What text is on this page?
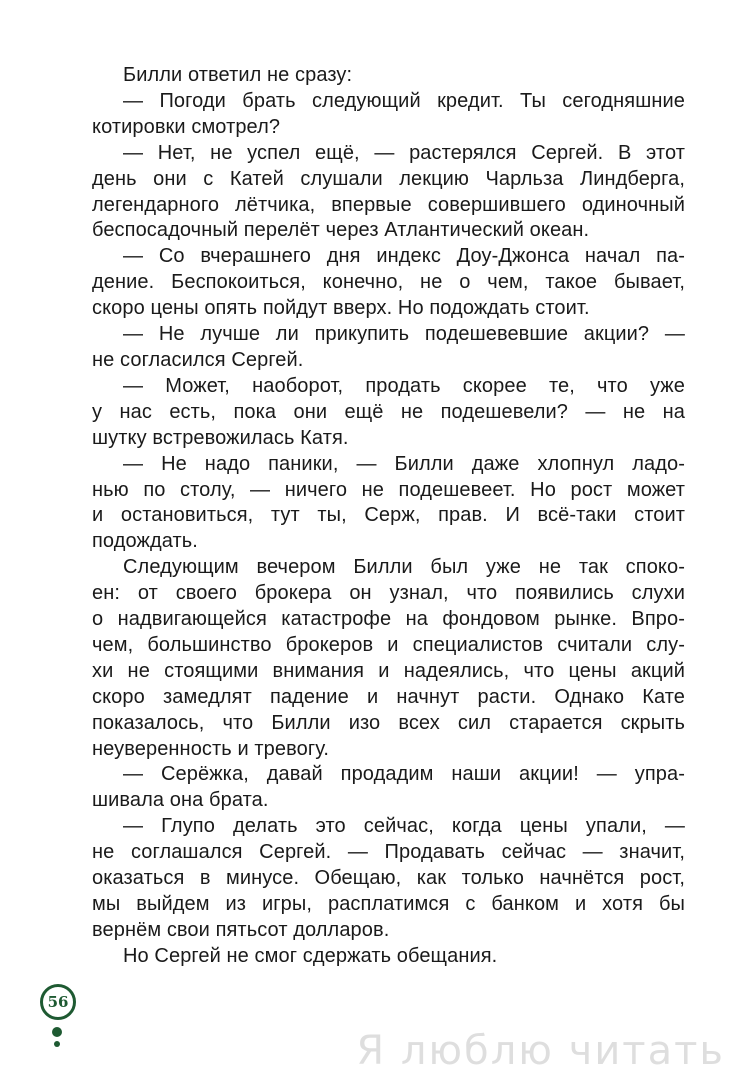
Билли ответил не сразу:
— Погоди брать следующий кредит. Ты сегодняшние
котировки смотрел?
— Нет, не успел ещё, — растерялся Сергей. В этот
день они с Катей слушали лекцию Чарльза Линдберга,
легендарного лётчика, впервые совершившего одиночный
беспосадочный перелёт через Атлантический океан.
— Со вчерашнего дня индекс Доу-Джонса начал па-
дение. Беспокоиться, конечно, не о чем, такое бывает,
скоро цены опять пойдут вверх. Но подождать стоит.
— Не лучше ли прикупить подешевевшие акции? —
не согласился Сергей.
— Может, наоборот, продать скорее те, что уже
у нас есть, пока они ещё не подешевели? — не на
шутку встревожилась Катя.
— Не надо паники, — Билли даже хлопнул ладо-
нью по столу, — ничего не подешевеет. Но рост может
и остановиться, тут ты, Серж, прав. И всё-таки стоит
подождать.
Следующим вечером Билли был уже не так споко-
ен: от своего брокера он узнал, что появились слухи
о надвигающейся катастрофе на фондовом рынке. Впро-
чем, большинство брокеров и специалистов считали слу-
хи не стоящими внимания и надеялись, что цены акций
скоро замедлят падение и начнут расти. Однако Кате
показалось, что Билли изо всех сил старается скрыть
неуверенность и тревогу.
— Серёжка, давай продадим наши акции! — упра-
шивала она брата.
— Глупо делать это сейчас, когда цены упали, —
не соглашался Сергей. — Продавать сейчас — значит,
оказаться в минусе. Обещаю, как только начнётся рост,
мы выйдем из игры, расплатимся с банком и хотя бы
вернём свои пятьсот долларов.
Но Сергей не смог сдержать обещания.
56
Я люблю читать
